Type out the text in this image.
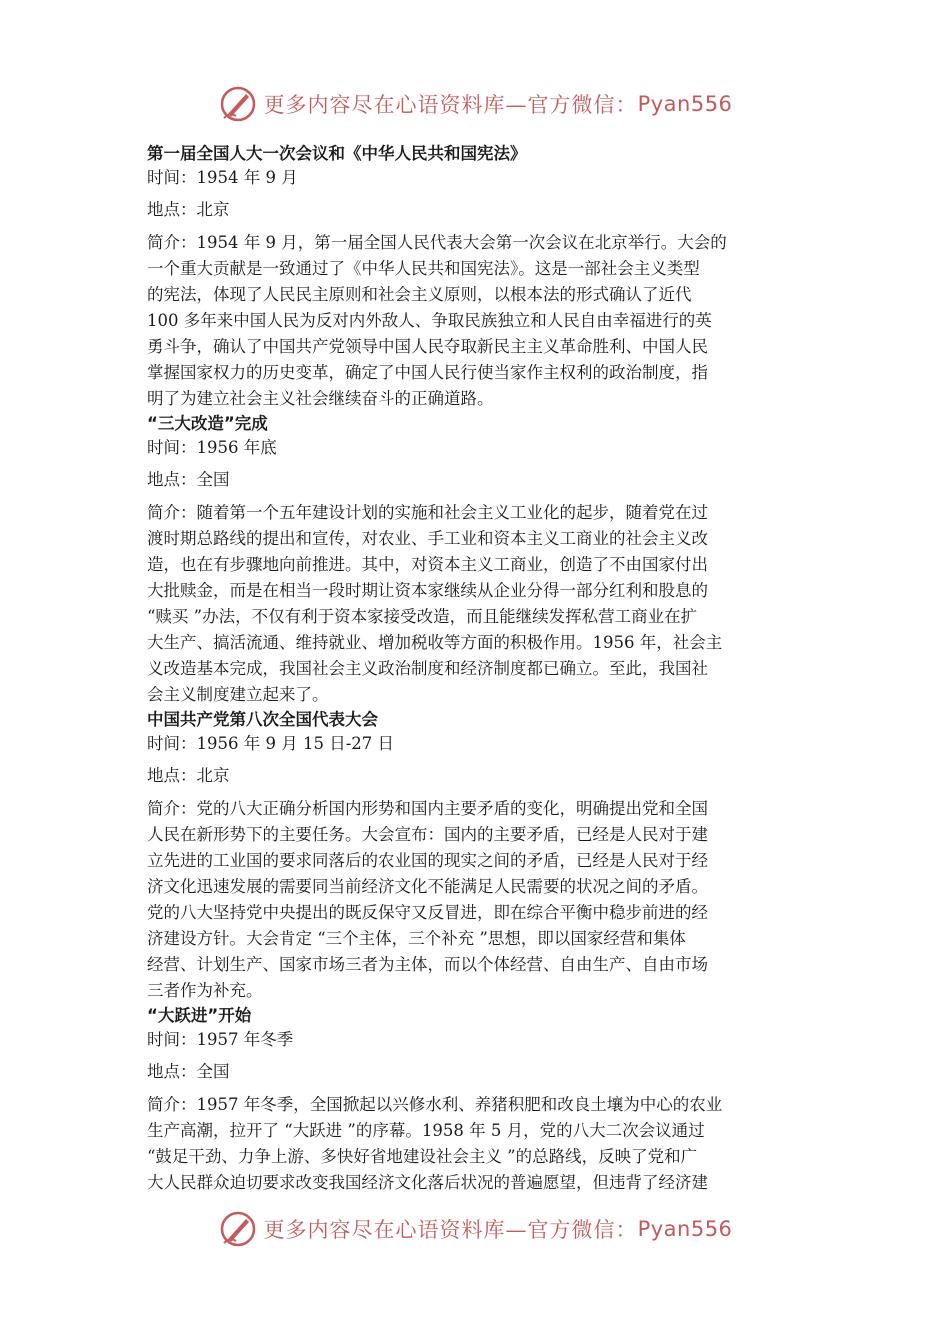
更多内容尽在心语资料库—官方微信： Pyan556
第一届全国人大一次会议和《中华人民共和国宪法》
时间：1954 年 9 月
地点：北京
简介：1954 年 9 月，第一届全国人民代表大会第一次会议在北京举行。大会的
一个重大贡献是一致通过了《中华人民共和国宪法》。这是一部社会主义类型
的宪法，体现了人民民主原则和社会主义原则，以根本法的形式确认了近代
100 多年来中国人民为反对内外敌人、争取民族独立和人民自由幸福进行的英
勇斗争，确认了中国共产党领导中国人民夺取新民主主义革命胜利、中国人民
掌握国家权力的历史变革，确定了中国人民行使当家作主权利的政治制度，指
明了为建立社会主义社会继续奋斗的正确道路。
“三大改造”完成
时间：1956 年底
地点：全国
简介：随着第一个五年建设计划的实施和社会主义工业化的起步，随着党在过
渡时期总路线的提出和宣传，对农业、手工业和资本主义工商业的社会主义改
造，也在有步骤地向前推进。其中，对资本主义工商业，创造了不由国家付出
大批赎金，而是在相当一段时期让资本家继续从企业分得一部分红利和股息的
“赎买 ”办法，不仅有利于资本家接受改造，而且能继续发挥私营工商业在扩
大生产、搞活流通、维持就业、增加税收等方面的积极作用。1956 年，社会主
义改造基本完成，我国社会主义政治制度和经济制度都已确立。至此，我国社
会主义制度建立起来了。
中国共产党第八次全国代表大会
时间：1956 年 9 月 15 日-27 日
地点：北京
简介：党的八大正确分析国内形势和国内主要矛盾的变化，明确提出党和全国
人民在新形势下的主要任务。大会宣布：国内的主要矛盾，已经是人民对于建
立先进的工业国的要求同落后的农业国的现实之间的矛盾，已经是人民对于经
济文化迅速发展的需要同当前经济文化不能满足人民需要的状况之间的矛盾。
党的八大坚持党中央提出的既反保守又反冒进，即在综合平衡中稳步前进的经
济建设方针。大会肯定 “三个主体，三个补充 ”思想，即以国家经营和集体
经营、计划生产、国家市场三者为主体，而以个体经营、自由生产、自由市场
三者作为补充。
“大跃进”开始
时间：1957 年冬季
地点：全国
简介：1957 年冬季，全国掀起以兴修水利、养猪积肥和改良土壤为中心的农业
生产高潮，拉开了 “大跃进 ”的序幕。1958 年 5 月，党的八大二次会议通过
“鼓足干劲、力争上游、多快好省地建设社会主义 ”的总路线，反映了党和广
大人民群众迫切要求改变我国经济文化落后状况的普遍愿望，但违背了经济建
更多内容尽在心语资料库—官方微信： Pyan556
